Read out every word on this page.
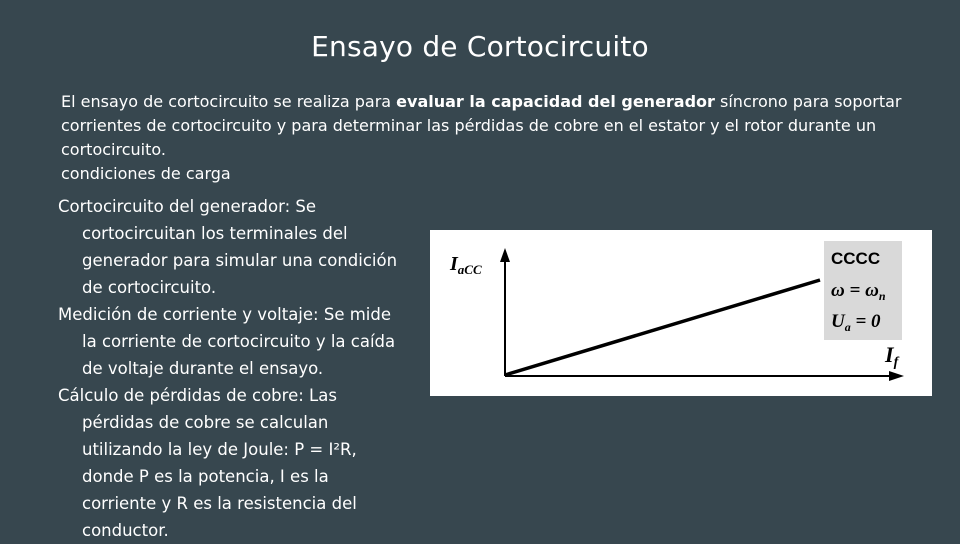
Ensayo de Cortocircuito
El ensayo de cortocircuito se realiza para evaluar la capacidad del generador síncrono para soportar corrientes de cortocircuito y para determinar las pérdidas de cobre en el estator y el rotor durante un cortocircuito.
condiciones de carga
Cortocircuito del generador: Se cortocircuitan los terminales del generador para simular una condición de cortocircuito.
Medición de corriente y voltaje: Se mide la corriente de cortocircuito y la caída de voltaje durante el ensayo.
Cálculo de pérdidas de cobre: Las pérdidas de cobre se calculan utilizando la ley de Joule: P = I²R, donde P es la potencia, I es la corriente y R es la resistencia del conductor.
$I_{aCC}$
If
CCCC
$\omega = \omega_n$
$U_a = 0$
